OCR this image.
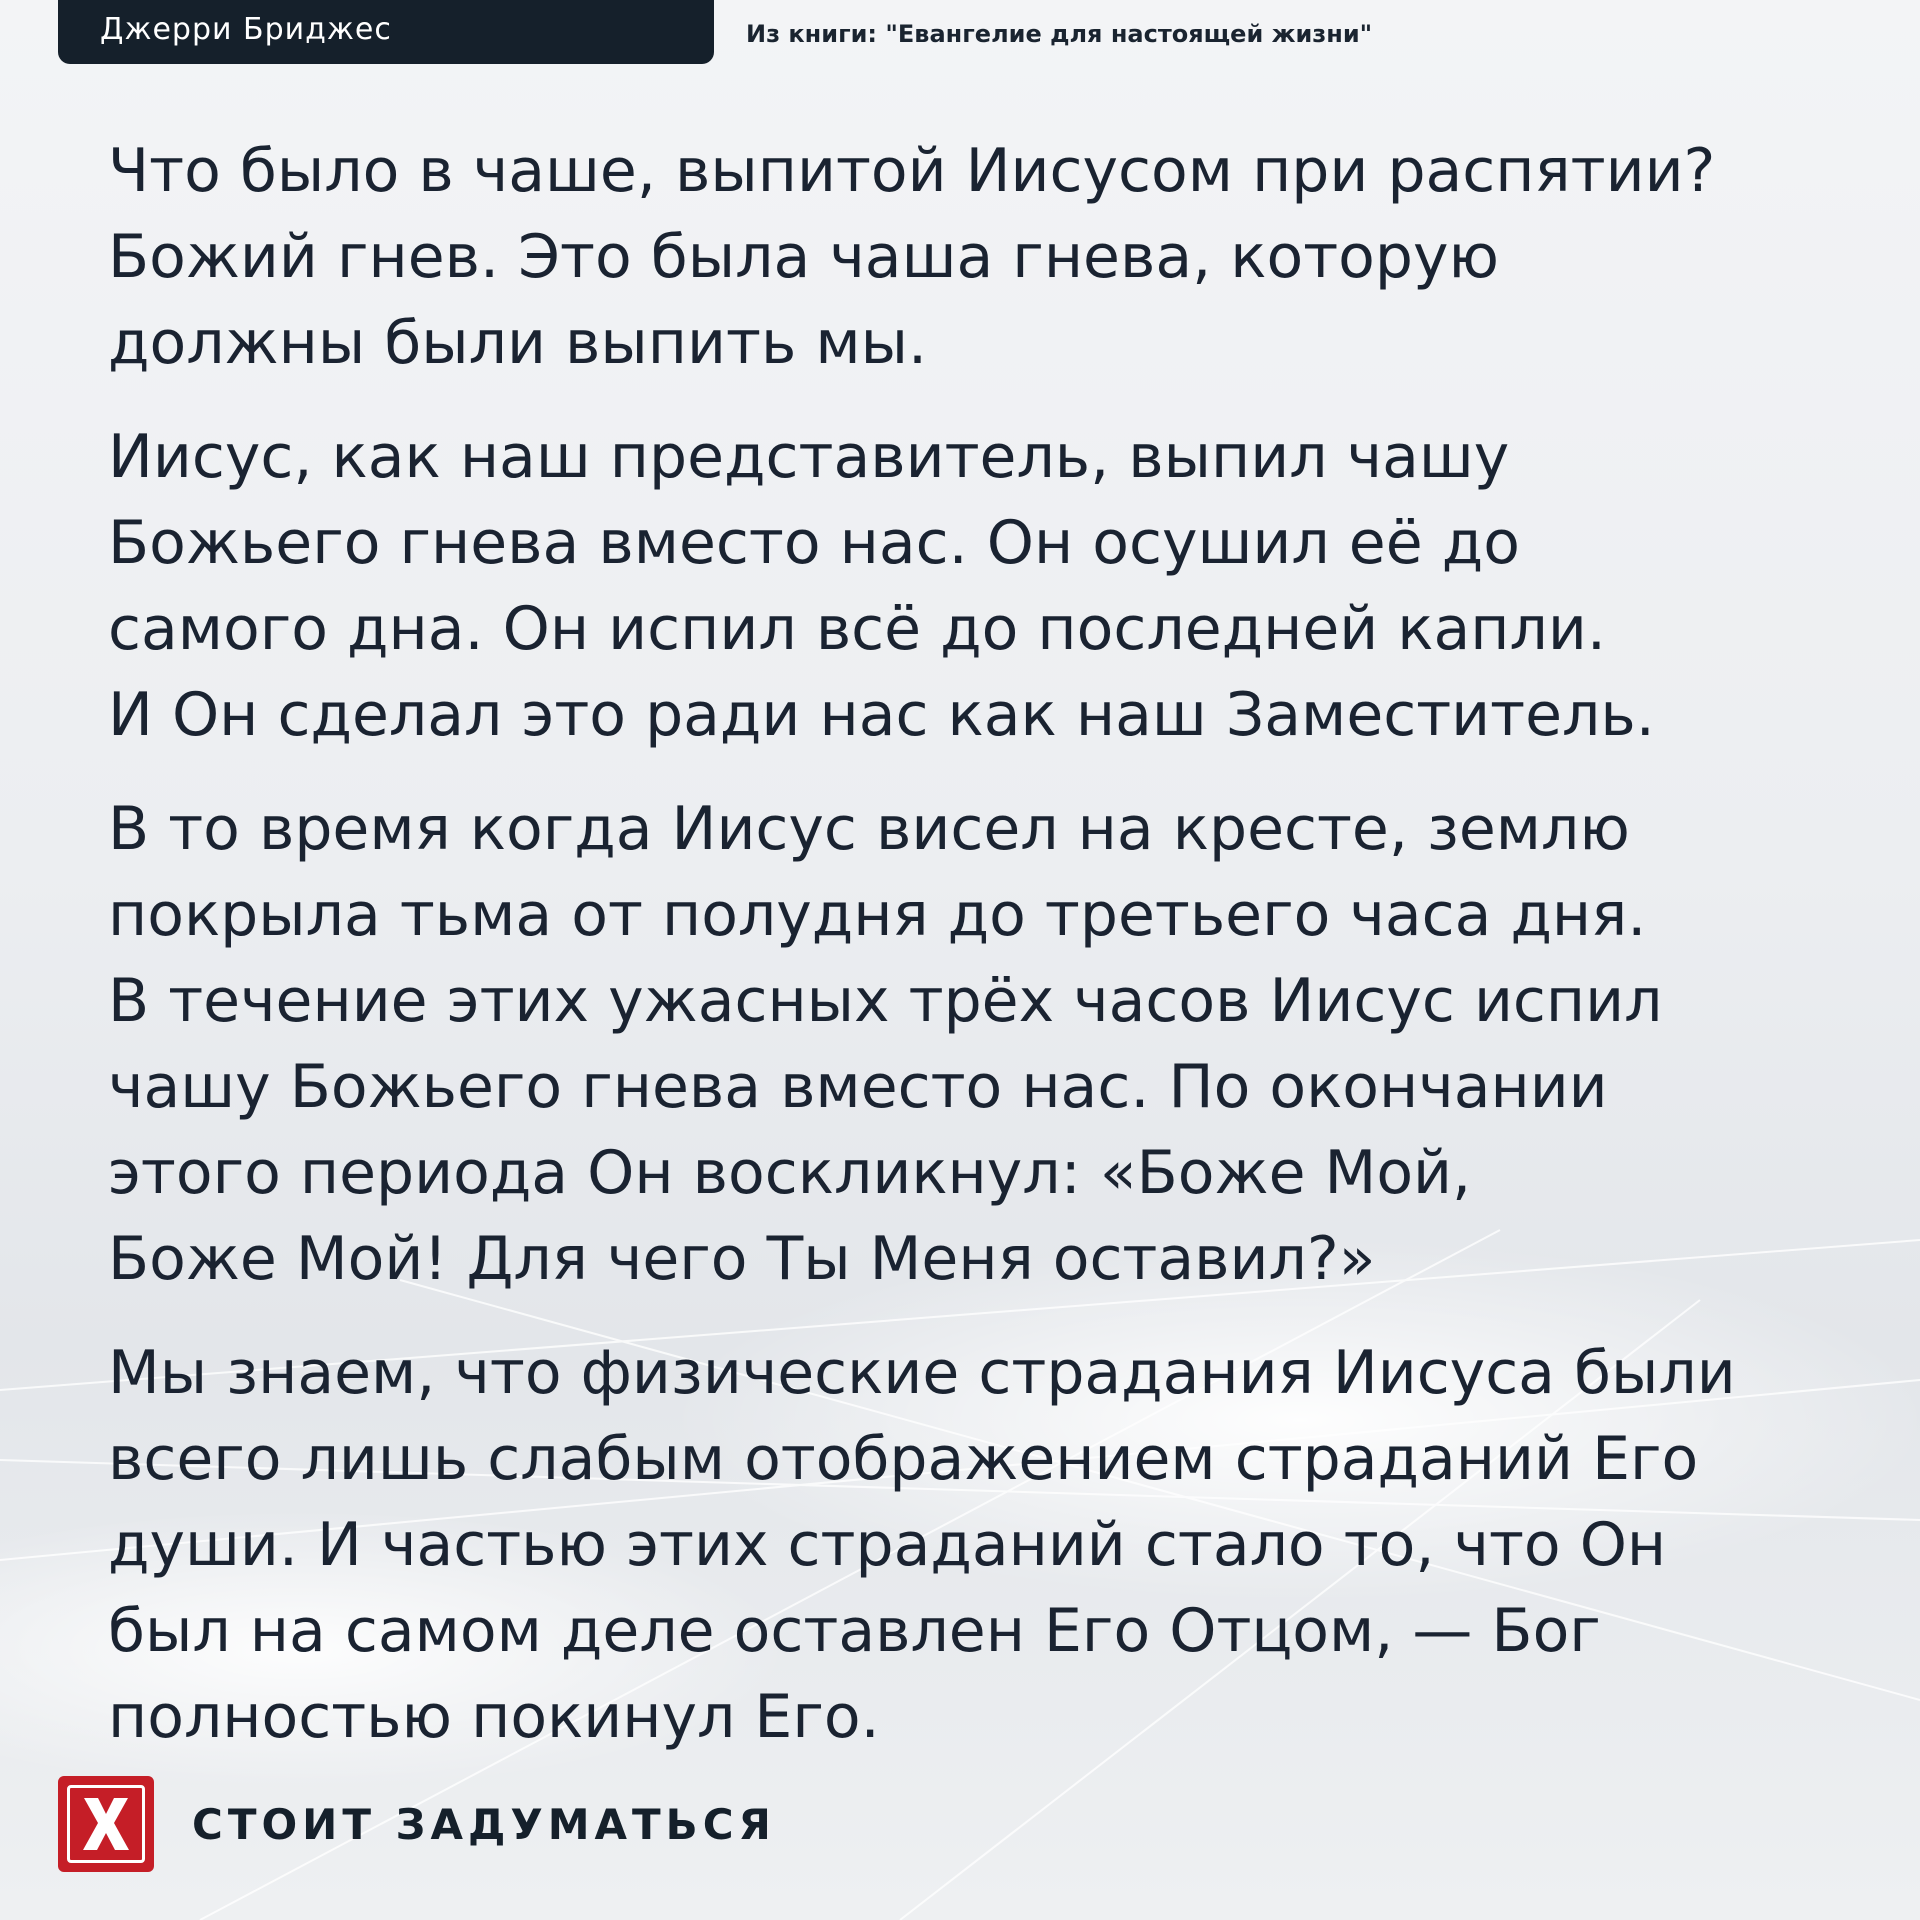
Джерри Бриджес	Из книги: "Евангелие для настоящей жизни"

Что было в чаше, выпитой Иисусом при распятии?
Божий гнев. Это была чаша гнева, которую
должны были выпить мы.

Иисус, как наш представитель, выпил чашу
Божьего гнева вместо нас. Он осушил её до
самого дна. Он испил всё до последней капли.
И Он сделал это ради нас как наш Заместитель.

В то время когда Иисус висел на кресте, землю
покрыла тьма от полудня до третьего часа дня.
В течение этих ужасных трёх часов Иисус испил
чашу Божьего гнева вместо нас. По окончании
этого периода Он воскликнул: «Боже Мой,
Боже Мой! Для чего Ты Меня оставил?»

Мы знаем, что физические страдания Иисуса были
всего лишь слабым отображением страданий Его
души. И частью этих страданий стало то, что Он
был на самом деле оставлен Его Отцом, — Бог
полностью покинул Его.

СТОИТ ЗАДУМАТЬСЯ
